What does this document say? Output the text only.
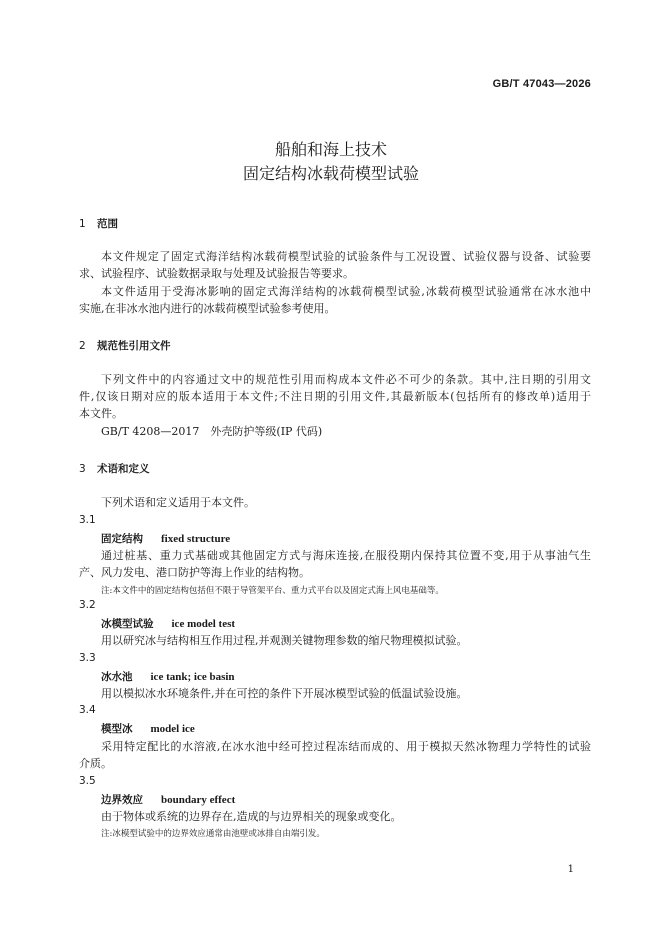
GB/T 47043—2026
船舶和海上技术
固定结构冰载荷模型试验
1 范围
本文件规定了固定式海洋结构冰载荷模型试验的试验条件与工况设置、试验仪器与设备、试验要
求、试验程序、试验数据录取与处理及试验报告等要求。
本文件适用于受海冰影响的固定式海洋结构的冰载荷模型试验,冰载荷模型试验通常在冰水池中
实施,在非冰水池内进行的冰载荷模型试验参考使用。
2 规范性引用文件
下列文件中的内容通过文中的规范性引用而构成本文件必不可少的条款。其中,注日期的引用文
件,仅该日期对应的版本适用于本文件;不注日期的引用文件,其最新版本(包括所有的修改单)适用于
本文件。
GB/T 4208—2017　外壳防护等级(IP 代码)
3 术语和定义
下列术语和定义适用于本文件。
3.1
固定结构 fixed structure
通过桩基、重力式基础或其他固定方式与海床连接,在服役期内保持其位置不变,用于从事油气生
产、风力发电、港口防护等海上作业的结构物。
注:本文件中的固定结构包括但不限于导管架平台、重力式平台以及固定式海上风电基础等。
3.2
冰模型试验 ice model test
用以研究冰与结构相互作用过程,并观测关键物理参数的缩尺物理模拟试验。
3.3
冰水池 ice tank; ice basin
用以模拟冰水环境条件,并在可控的条件下开展冰模型试验的低温试验设施。
3.4
模型冰 model ice
采用特定配比的水溶液,在冰水池中经可控过程冻结而成的、用于模拟天然冰物理力学特性的试验
介质。
3.5
边界效应 boundary effect
由于物体或系统的边界存在,造成的与边界相关的现象或变化。
注:冰模型试验中的边界效应通常由池壁或冰排自由端引发。
1
